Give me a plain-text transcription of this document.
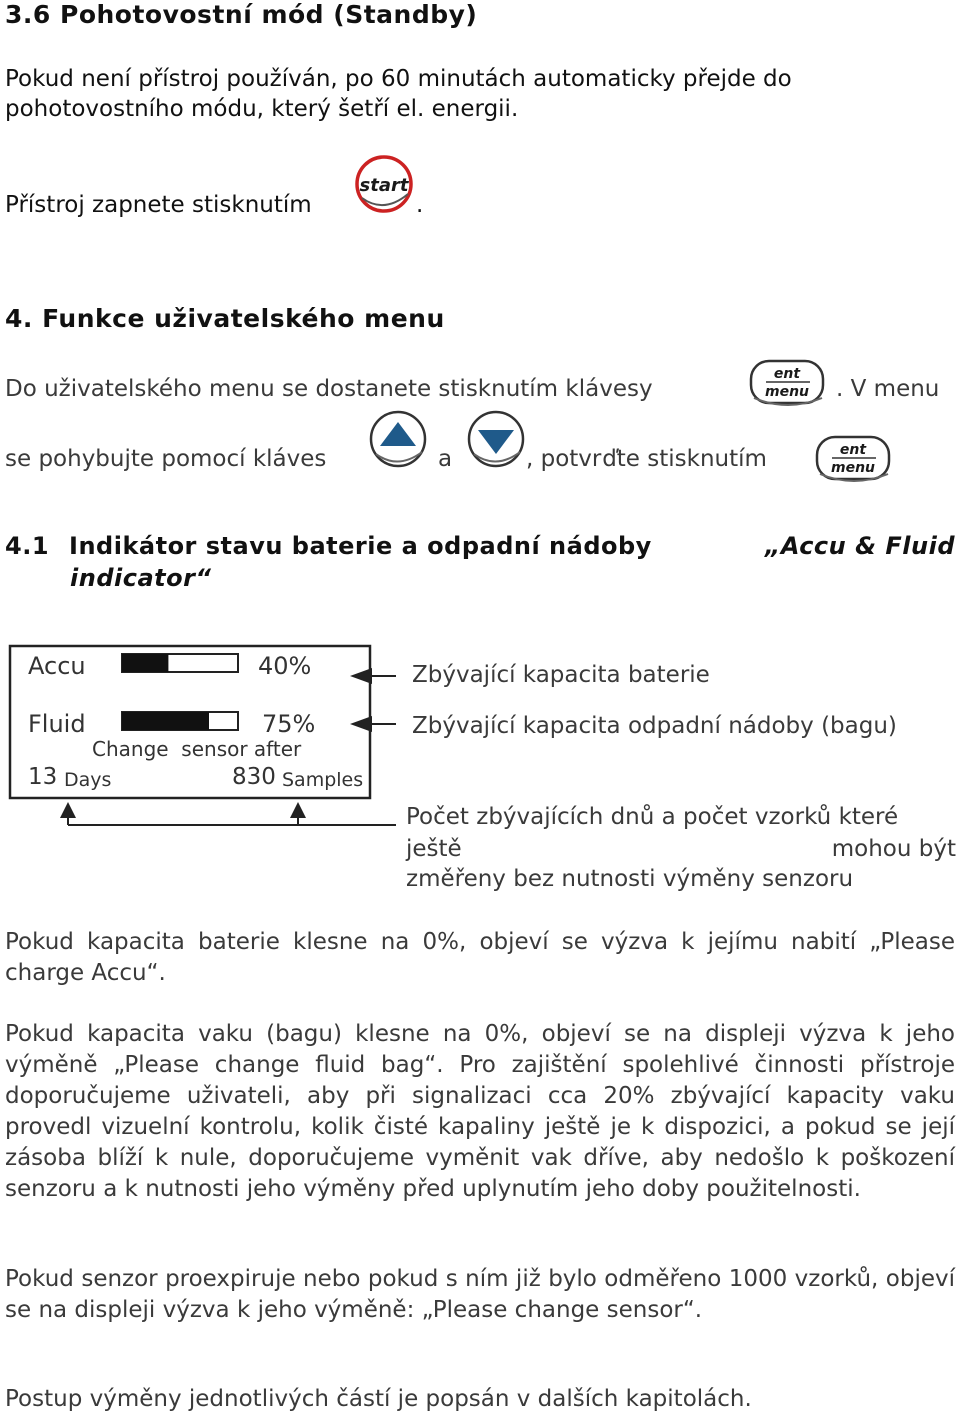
3.6 Pohotovostní mód (Standby)
Pokud není přístroj používán, po 60 minutách automaticky přejde do
pohotovostního módu, který šetří el. energii.
Přístroj zapnete stisknutím
start
.
4. Funkce uživatelského menu
Do uživatelského menu se dostanete stisknutím klávesy
ent
menu . V menu
se pohybujte pomocí kláves	a	, potvrďte stisknutím	ent
menu
4.1 Indikátor stavu baterie a odpadní nádoby	„Accu & Fluid
indicator“
Accu	40%
Fluid	75%
Change  sensor after
13 Days	830 Samples
Zbývající kapacita baterie
Zbývající kapacita odpadní nádoby (bagu)
Počet zbývajících dnů a počet vzorků které
ještě	mohou být
změřeny bez nutnosti výměny senzoru
Pokud kapacita baterie klesne na 0%, objeví se výzva k jejímu nabití „Please charge Accu“.
Pokud kapacita vaku (bagu) klesne na 0%, objeví se na displeji výzva k jeho výměně „Please change fluid bag“. Pro zajištění spolehlivé činnosti přístroje doporučujeme uživateli, aby při signalizaci cca 20% zbývající kapacity vaku provedl vizuelní kontrolu, kolik čisté kapaliny ještě je k dispozici, a pokud se její zásoba blíží k nule, doporučujeme vyměnit vak dříve, aby nedošlo k poškození senzoru a k nutnosti jeho výměny před uplynutím jeho doby použitelnosti.
Pokud senzor proexpiruje nebo pokud s ním již bylo odměřeno 1000 vzorků, objeví se na displeji výzva k jeho výměně: „Please change sensor“.
Postup výměny jednotlivých částí je popsán v dalších kapitolách.
